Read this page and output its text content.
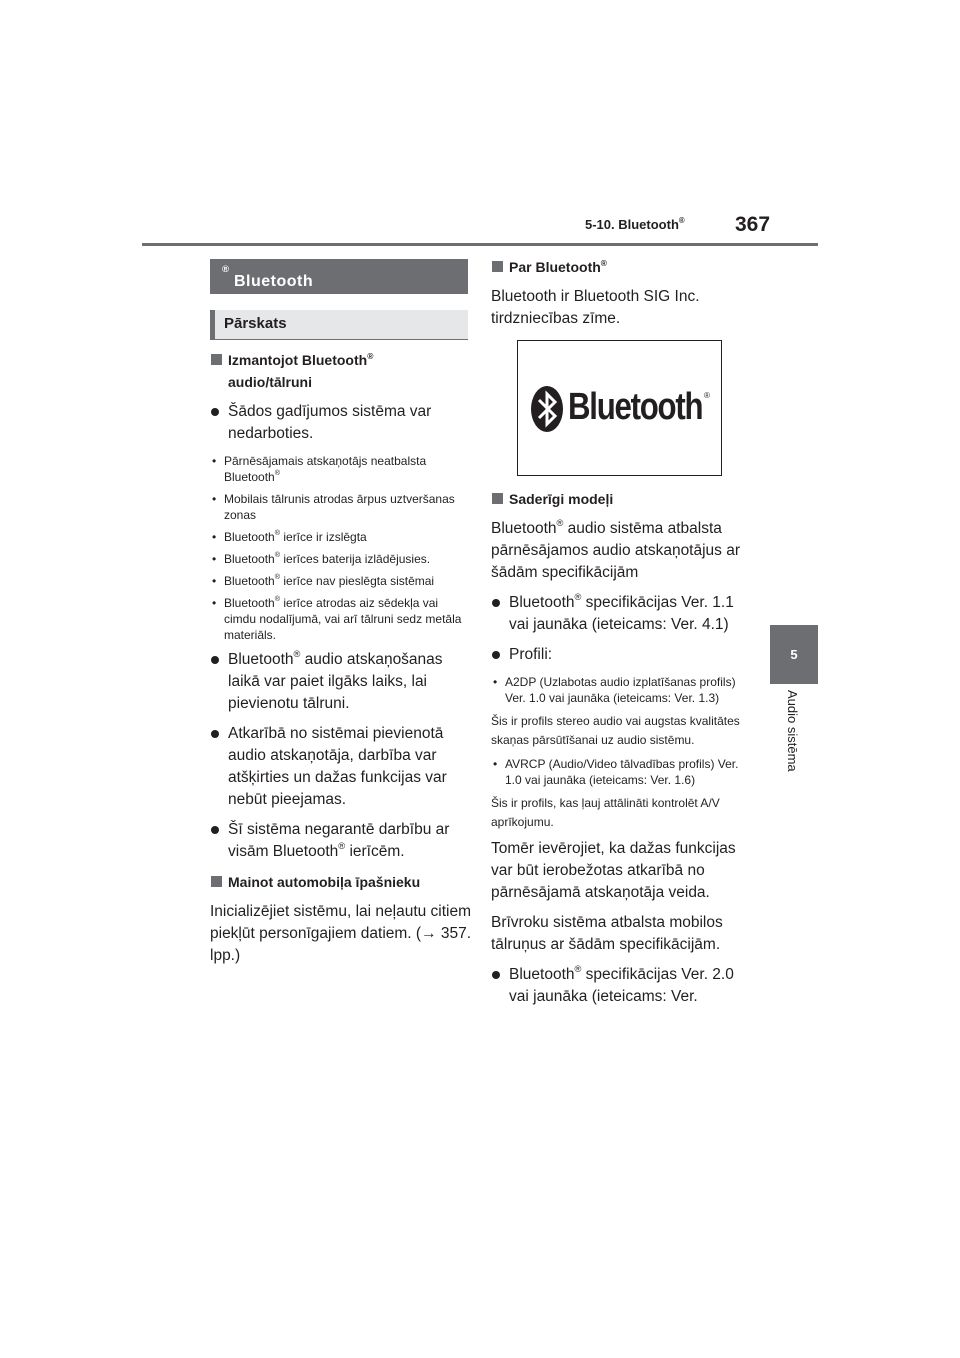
5-10. Bluetooth® 367
5
Audio sistēma
Bluetooth
®
Pārskats
Izmantojot Bluetooth®
audio/tālruni
Šādos gadījumos sistēma var nedarboties.
• Pārnēsājamais atskaņotājs neatbalsta Bluetooth®
• Mobilais tālrunis atrodas ārpus uztveršanas zonas
• Bluetooth® ierīce ir izslēgta
• Bluetooth® ierīces baterija izlādējusies.
• Bluetooth® ierīce nav pieslēgta sistēmai
• Bluetooth® ierīce atrodas aiz sēdekļa vai cimdu nodalījumā, vai arī tālruni sedz metāla materiāls.
Bluetooth® audio atskaņošanas laikā var paiet ilgāks laiks, lai pievienotu tālruni.
Atkarībā no sistēmai pievienotā audio atskaņotāja, darbība var atšķirties un dažas funkcijas var nebūt pieejamas.
Šī sistēma negarantē darbību ar visām Bluetooth® ierīcēm.
Mainot automobiļa īpašnieku
Inicializējiet sistēmu, lai neļautu citiem piekļūt personīgajiem datiem. (→ 357. lpp.)
Par Bluetooth®
Bluetooth ir Bluetooth SIG Inc. tirdzniecības zīme.
Bluetooth ®
Saderīgi modeļi
Bluetooth® audio sistēma atbalsta pārnēsājamos audio atskaņotājus ar šādām specifikācijām
Bluetooth® specifikācijas Ver. 1.1 vai jaunāka (ieteicams: Ver. 4.1)
Profili:
• A2DP (Uzlabotas audio izplatīšanas profils) Ver. 1.0 vai jaunāka (ieteicams: Ver. 1.3)
Šis ir profils stereo audio vai augstas kvalitātes skaņas pārsūtīšanai uz audio sistēmu.
• AVRCP (Audio/Video tālvadības profils) Ver. 1.0 vai jaunāka (ieteicams: Ver. 1.6)
Šis ir profils, kas ļauj attālināti kontrolēt A/V aprīkojumu.
Tomēr ievērojiet, ka dažas funkcijas var būt ierobežotas atkarībā no pārnēsājamā atskaņotāja veida.
Brīvroku sistēma atbalsta mobilos tālruņus ar šādām specifikācijām.
Bluetooth® specifikācijas Ver. 2.0 vai jaunāka (ieteicams: Ver.
